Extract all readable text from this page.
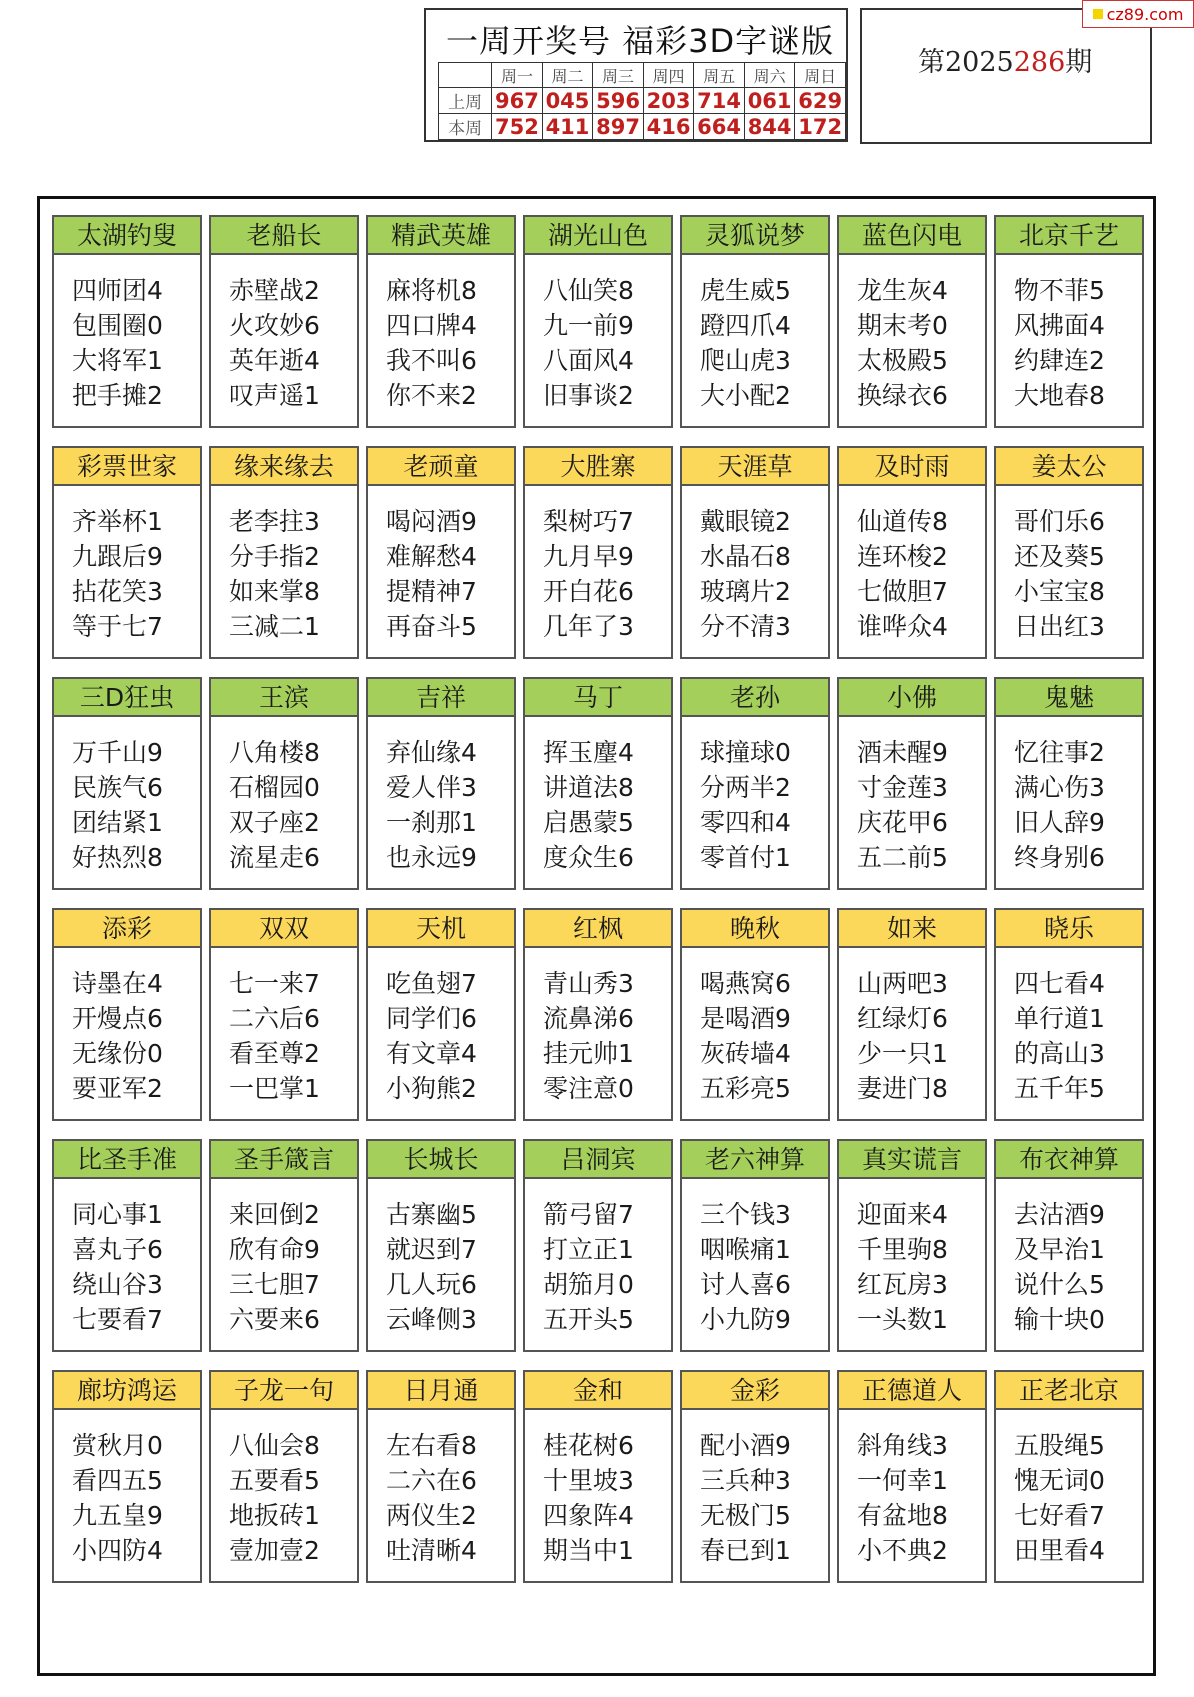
一周开奖号 福彩3D字谜版
	周一	周二	周三	周四	周五	周六	周日
上周	967	045	596	203	714	061	629
本周	752	411	897	416	664	844	172
第2025286期
cz89.com
太湖钓叟
四师团4
包围圈0
大将军1
把手摊2
老船长
赤壁战2
火攻妙6
英年逝4
叹声遥1
精武英雄
麻将机8
四口牌4
我不叫6
你不来2
湖光山色
八仙笑8
九一前9
八面风4
旧事谈2
灵狐说梦
虎生威5
蹬四爪4
爬山虎3
大小配2
蓝色闪电
龙生灰4
期末考0
太极殿5
换绿衣6
北京千艺
物不菲5
风拂面4
约肆连2
大地春8
彩票世家
齐举杯1
九跟后9
拈花笑3
等于七7
缘来缘去
老李拄3
分手指2
如来掌8
三减二1
老顽童
喝闷酒9
难解愁4
提精神7
再奋斗5
大胜寨
梨树巧7
九月早9
开白花6
几年了3
天涯草
戴眼镜2
水晶石8
玻璃片2
分不清3
及时雨
仙道传8
连环梭2
七做胆7
谁哗众4
姜太公
哥们乐6
还及葵5
小宝宝8
日出红3
三D狂虫
万千山9
民族气6
团结紧1
好热烈8
王滨
八角楼8
石榴园0
双子座2
流星走6
吉祥
弃仙缘4
爱人伴3
一刹那1
也永远9
马丁
挥玉麈4
讲道法8
启愚蒙5
度众生6
老孙
球撞球0
分两半2
零四和4
零首付1
小佛
酒未醒9
寸金莲3
庆花甲6
五二前5
鬼魅
忆往事2
满心伤3
旧人辞9
终身别6
添彩
诗墨在4
开熳点6
无缘份0
要亚军2
双双
七一来7
二六后6
看至尊2
一巴掌1
天机
吃鱼翅7
同学们6
有文章4
小狗熊2
红枫
青山秀3
流鼻涕6
挂元帅1
零注意0
晚秋
喝燕窝6
是喝酒9
灰砖墙4
五彩亮5
如来
山两吧3
红绿灯6
少一只1
妻进门8
晓乐
四七看4
单行道1
的高山3
五千年5
比圣手准
同心事1
喜丸子6
绕山谷3
七要看7
圣手箴言
来回倒2
欣有命9
三七胆7
六要来6
长城长
古寨幽5
就迟到7
几人玩6
云峰侧3
吕洞宾
箭弓留7
打立正1
胡笳月0
五开头5
老六神算
三个钱3
咽喉痛1
讨人喜6
小九防9
真实谎言
迎面来4
千里驹8
红瓦房3
一头数1
布衣神算
去沽酒9
及早治1
说什么5
输十块0
廊坊鸿运
赏秋月0
看四五5
九五皇9
小四防4
子龙一句
八仙会8
五要看5
地扳砖1
壹加壹2
日月通
左右看8
二六在6
两仪生2
吐清晰4
金和
桂花树6
十里坡3
四象阵4
期当中1
金彩
配小酒9
三兵种3
无极门5
春已到1
正德道人
斜角线3
一何幸1
有盆地8
小不典2
正老北京
五股绳5
愧无词0
七好看7
田里看4
